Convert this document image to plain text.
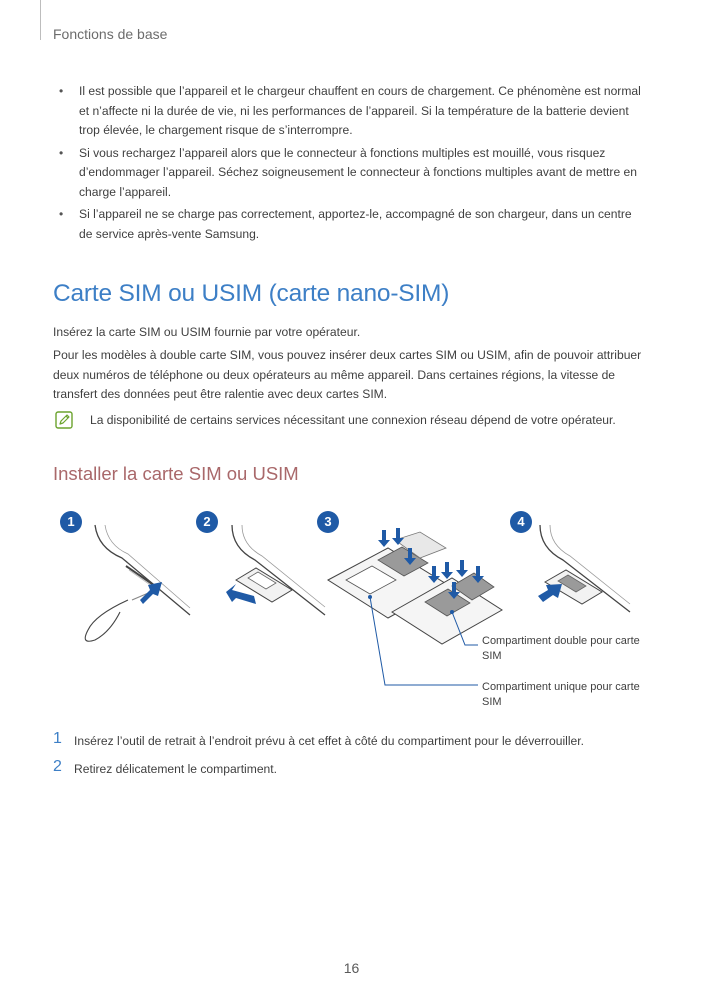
Fonctions de base
• Il est possible que l’appareil et le chargeur chauffent en cours de chargement. Ce phénomène est normal et n’affecte ni la durée de vie, ni les performances de l’appareil. Si la température de la batterie devient trop élevée, le chargement risque de s’interrompre.
• Si vous rechargez l’appareil alors que le connecteur à fonctions multiples est mouillé, vous risquez d’endommager l’appareil. Séchez soigneusement le connecteur à fonctions multiples avant de mettre en charge l’appareil.
• Si l’appareil ne se charge pas correctement, apportez-le, accompagné de son chargeur, dans un centre de service après-vente Samsung.
Carte SIM ou USIM (carte nano-SIM)

Insérez la carte SIM ou USIM fournie par votre opérateur.

Pour les modèles à double carte SIM, vous pouvez insérer deux cartes SIM ou USIM, afin de pouvoir attribuer deux numéros de téléphone ou deux opérateurs au même appareil. Dans certaines régions, la vitesse de transfert des données peut être ralentie avec deux cartes SIM.

La disponibilité de certains services nécessitant une connexion réseau dépend de votre opérateur.
Installer la carte SIM ou USIM
1	2	3	4
Compartiment double pour carte SIM
Compartiment unique pour carte SIM
1 Insérez l’outil de retrait à l’endroit prévu à cet effet à côté du compartiment pour le déverrouiller.
2 Retirez délicatement le compartiment.
16
